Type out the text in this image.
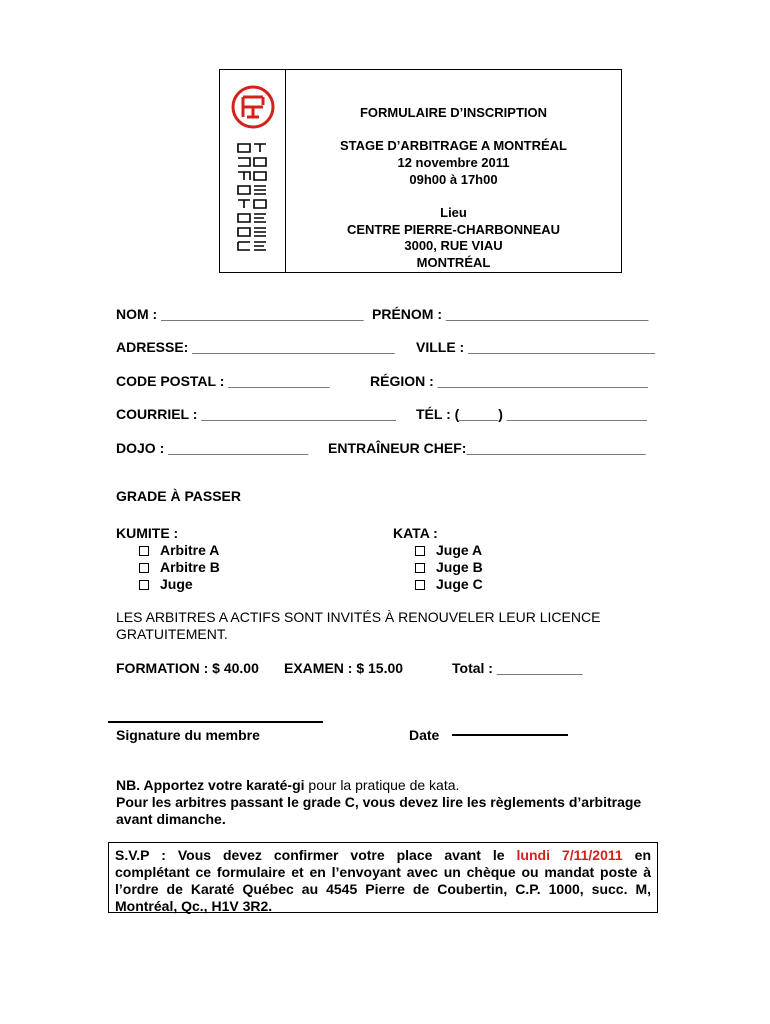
FORMULAIRE D’INSCRIPTION
STAGE D’ARBITRAGE A MONTRÉAL
12 novembre 2011
09h00 à 17h00
Lieu
CENTRE PIERRE-CHARBONNEAU
3000, RUE VIAU
MONTRÉAL
NOM : __________________________ PRÉNOM : __________________________
ADRESSE: __________________________ VILLE : ________________________
CODE POSTAL : _____________	RÉGION : ___________________________
COURRIEL : _________________________ TÉL : (_____) __________________
DOJO : __________________ ENTRAÎNEUR CHEF:_______________________
GRADE À PASSER
KUMITE :
Arbitre A
Arbitre B
Juge
KATA :
Juge A
Juge B
Juge C
LES ARBITRES A ACTIFS SONT INVITÉS À RENOUVELER LEUR LICENCE
GRATUITEMENT.
FORMATION : $ 40.00 EXAMEN : $ 15.00	Total : ___________
Signature du membre	Date
NB. Apportez votre karaté-gi pour la pratique de kata.
Pour les arbitres passant le grade C, vous devez lire les règlements d’arbitrage
avant dimanche.
S.V.P : Vous devez confirmer votre place avant le lundi 7/11/2011 en
complétant ce formulaire et en l’envoyant avec un chèque ou mandat poste à
l’ordre de Karaté Québec au 4545 Pierre de Coubertin, C.P. 1000, succ. M,
Montréal, Qc., H1V 3R2.
